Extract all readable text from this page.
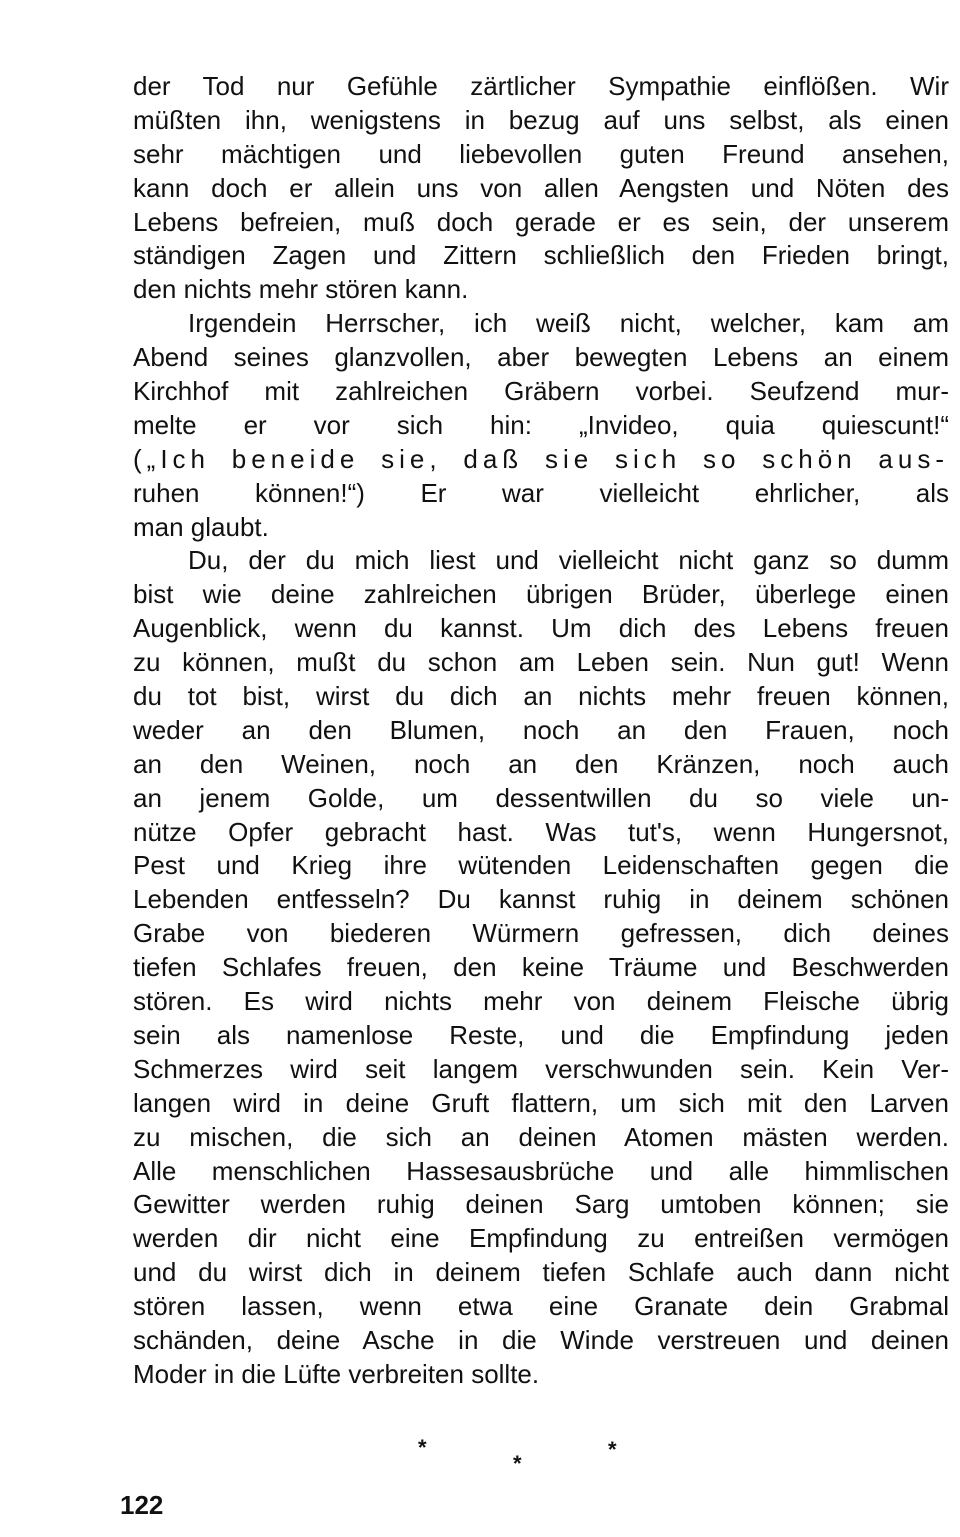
der Tod nur Gefühle zärtlicher Sympathie einflößen. Wir
müßten ihn, wenigstens in bezug auf uns selbst, als einen
sehr mächtigen und liebevollen guten Freund ansehen,
kann doch er allein uns von allen Aengsten und Nöten des
Lebens befreien, muß doch gerade er es sein, der unserem
ständigen Zagen und Zittern schließlich den Frieden bringt,
den nichts mehr stören kann.
Irgendein Herrscher, ich weiß nicht, welcher, kam am
Abend seines glanzvollen, aber bewegten Lebens an einem
Kirchhof mit zahlreichen Gräbern vorbei. Seufzend mur-
melte er vor sich hin: „Invideo, quia quiescunt!“
(„Ich beneide sie, daß sie sich so schön aus-
ruhen können!“) Er war vielleicht ehrlicher, als
man glaubt.
Du, der du mich liest und vielleicht nicht ganz so dumm
bist wie deine zahlreichen übrigen Brüder, überlege einen
Augenblick, wenn du kannst. Um dich des Lebens freuen
zu können, mußt du schon am Leben sein. Nun gut! Wenn
du tot bist, wirst du dich an nichts mehr freuen können,
weder an den Blumen, noch an den Frauen, noch
an den Weinen, noch an den Kränzen, noch auch
an jenem Golde, um dessentwillen du so viele un-
nütze Opfer gebracht hast. Was tut's, wenn Hungersnot,
Pest und Krieg ihre wütenden Leidenschaften gegen die
Lebenden entfesseln? Du kannst ruhig in deinem schönen
Grabe von biederen Würmern gefressen, dich deines
tiefen Schlafes freuen, den keine Träume und Beschwerden
stören. Es wird nichts mehr von deinem Fleische übrig
sein als namenlose Reste, und die Empfindung jeden
Schmerzes wird seit langem verschwunden sein. Kein Ver-
langen wird in deine Gruft flattern, um sich mit den Larven
zu mischen, die sich an deinen Atomen mästen werden.
Alle menschlichen Hassesausbrüche und alle himmlischen
Gewitter werden ruhig deinen Sarg umtoben können; sie
werden dir nicht eine Empfindung zu entreißen vermögen
und du wirst dich in deinem tiefen Schlafe auch dann nicht
stören lassen, wenn etwa eine Granate dein Grabmal
schänden, deine Asche in die Winde verstreuen und deinen
Moder in die Lüfte verbreiten sollte.
*
*
*
122
